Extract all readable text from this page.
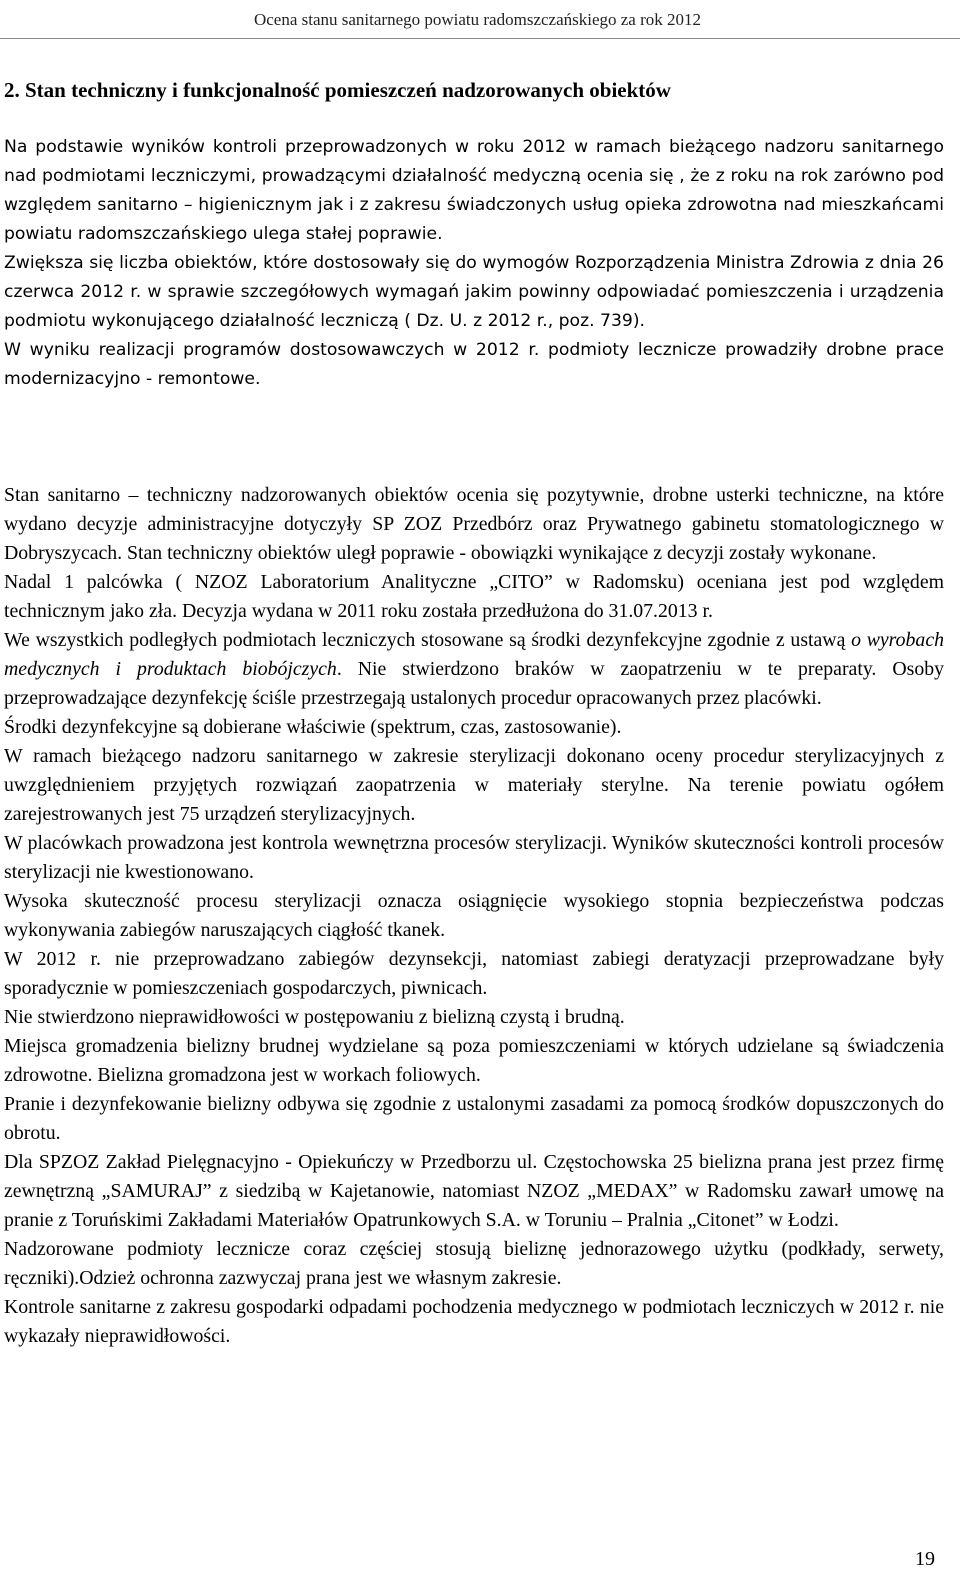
Ocena stanu sanitarnego powiatu radomszczańskiego za rok 2012
2. Stan techniczny i funkcjonalność pomieszczeń nadzorowanych obiektów

Na podstawie wyników kontroli przeprowadzonych w roku 2012 w ramach bieżącego nadzoru sanitarnego nad podmiotami leczniczymi, prowadzącymi działalność medyczną ocenia się , że z roku na rok zarówno pod względem sanitarno – higienicznym jak i z zakresu świadczonych usług opieka zdrowotna nad mieszkańcami powiatu radomszczańskiego ulega stałej poprawie.

Zwiększa się liczba obiektów, które dostosowały się do wymogów Rozporządzenia Ministra Zdrowia z dnia 26 czerwca 2012 r. w sprawie szczegółowych wymagań jakim powinny odpowiadać pomieszczenia i urządzenia podmiotu wykonującego działalność leczniczą ( Dz. U. z 2012 r., poz. 739).

W wyniku realizacji programów dostosowawczych w 2012 r. podmioty lecznicze prowadziły drobne prace modernizacyjno - remontowe.

Stan sanitarno – techniczny nadzorowanych obiektów ocenia się pozytywnie, drobne usterki techniczne, na które wydano decyzje administracyjne dotyczyły SP ZOZ Przedbórz oraz Prywatnego gabinetu stomatologicznego w Dobryszycach. Stan techniczny obiektów uległ poprawie - obowiązki wynikające z decyzji zostały wykonane.

Nadal 1 palcówka ( NZOZ Laboratorium Analityczne „CITO” w Radomsku) oceniana jest pod względem technicznym jako zła. Decyzja wydana w 2011 roku została przedłużona do 31.07.2013 r.

We wszystkich podległych podmiotach leczniczych stosowane są środki dezynfekcyjne zgodnie z ustawą o wyrobach medycznych i produktach biobójczych. Nie stwierdzono braków w zaopatrzeniu w te preparaty. Osoby przeprowadzające dezynfekcję ściśle przestrzegają ustalonych procedur opracowanych przez placówki.

Środki dezynfekcyjne są dobierane właściwie (spektrum, czas, zastosowanie).

W ramach bieżącego nadzoru sanitarnego w zakresie sterylizacji dokonano oceny procedur sterylizacyjnych z uwzględnieniem przyjętych rozwiązań zaopatrzenia w materiały sterylne. Na terenie powiatu ogółem zarejestrowanych jest 75 urządzeń sterylizacyjnych.

W placówkach prowadzona jest kontrola wewnętrzna procesów sterylizacji. Wyników skuteczności kontroli procesów sterylizacji nie kwestionowano.

Wysoka skuteczność procesu sterylizacji oznacza osiągnięcie wysokiego stopnia bezpieczeństwa podczas wykonywania zabiegów naruszających ciągłość tkanek.

W 2012 r. nie przeprowadzano zabiegów dezynsekcji, natomiast zabiegi deratyzacji przeprowadzane były sporadycznie w pomieszczeniach gospodarczych, piwnicach.

Nie stwierdzono nieprawidłowości w postępowaniu z bielizną czystą i brudną.

Miejsca gromadzenia bielizny brudnej wydzielane są poza pomieszczeniami w których udzielane są świadczenia zdrowotne. Bielizna gromadzona jest w workach foliowych.

Pranie i dezynfekowanie bielizny odbywa się zgodnie z ustalonymi zasadami za pomocą środków dopuszczonych do obrotu.

Dla SPZOZ Zakład Pielęgnacyjno - Opiekuńczy w Przedborzu ul. Częstochowska 25 bielizna prana jest przez firmę zewnętrzną „SAMURAJ” z siedzibą w Kajetanowie, natomiast NZOZ „MEDAX” w Radomsku zawarł umowę na pranie z Toruńskimi Zakładami Materiałów Opatrunkowych S.A. w Toruniu – Pralnia „Citonet” w Łodzi.

Nadzorowane podmioty lecznicze coraz częściej stosują bieliznę jednorazowego użytku (podkłady, serwety, ręczniki).Odzież ochronna zazwyczaj prana jest we własnym zakresie.

Kontrole sanitarne z zakresu gospodarki odpadami pochodzenia medycznego w podmiotach leczniczych w 2012 r. nie wykazały nieprawidłowości.

19
